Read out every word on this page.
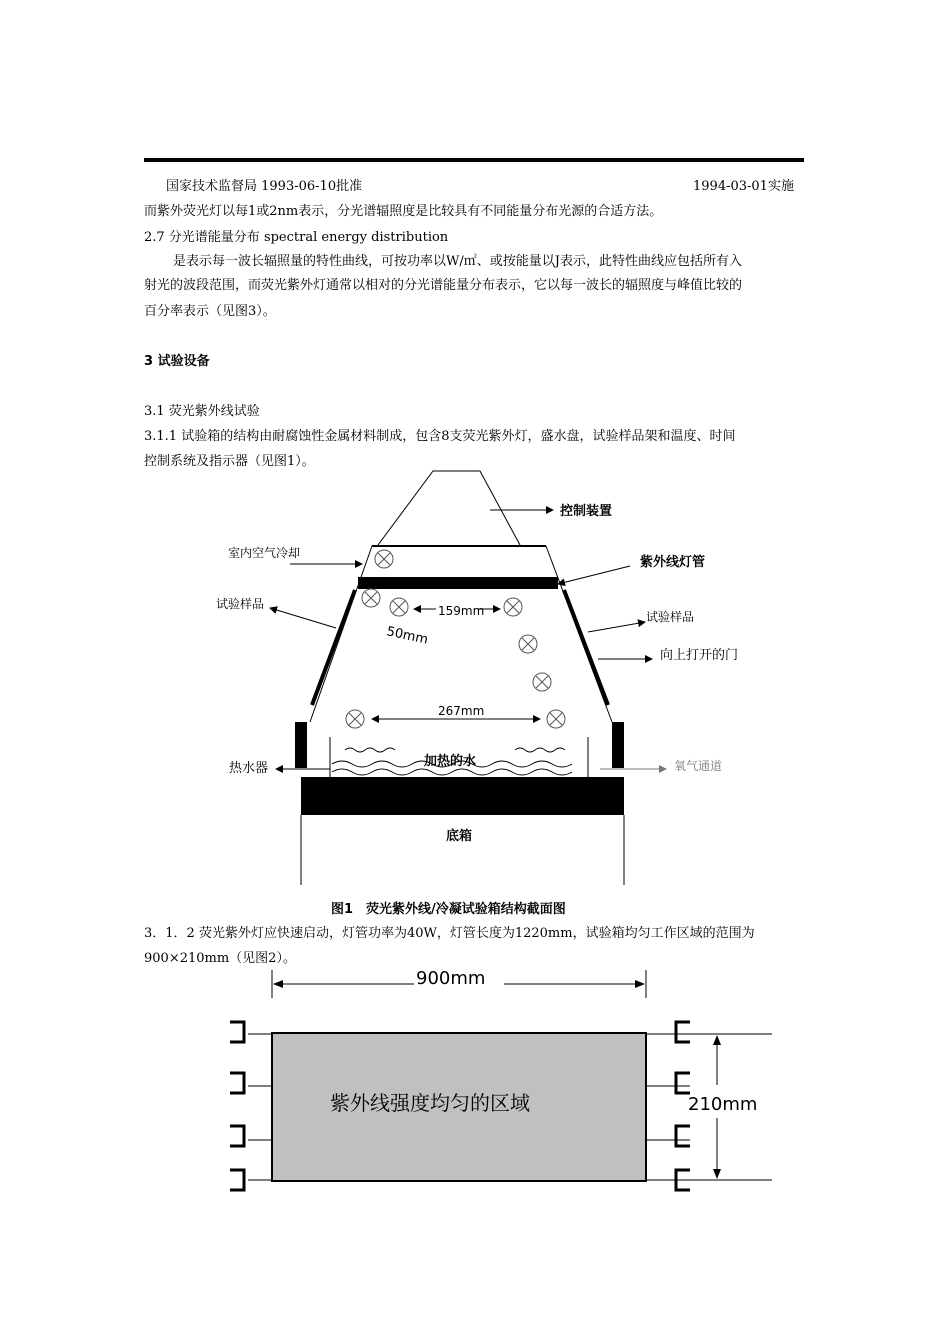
国家技术监督局 1993-06-10批准	1994-03-01实施
而紫外荧光灯以每1或2nm表示，分光谱辐照度是比较具有不同能量分布光源的合适方法。
2.7 分光谱能量分布 spectral energy distribution
是表示每一波长辐照量的特性曲线，可按功率以W/㎡、或按能量以J表示，此特性曲线应包括所有入
射光的波段范围，而荧光紫外灯通常以相对的分光谱能量分布表示，它以每一波长的辐照度与峰值比较的
百分率表示（见图3）。
3 试验设备
3.1 荧光紫外线试验
3.1.1 试验箱的结构由耐腐蚀性金属材料制成，包含8支荧光紫外灯，盛水盘，试验样品架和温度、时间
控制系统及指示器（见图1）。
控制装置
室内空气冷却
紫外线灯管
试验样品
试验样品
向上打开的门
159mm
50mm
267mm
加热的水
热水器	氧气通道
底箱
图1　荧光紫外线/冷凝试验箱结构截面图
3．1．2 荧光紫外灯应快速启动，灯管功率为40W，灯管长度为1220mm，试验箱均匀工作区域的范围为
900×210mm（见图2）。
900mm
紫外线强度均匀的区域	210mm
